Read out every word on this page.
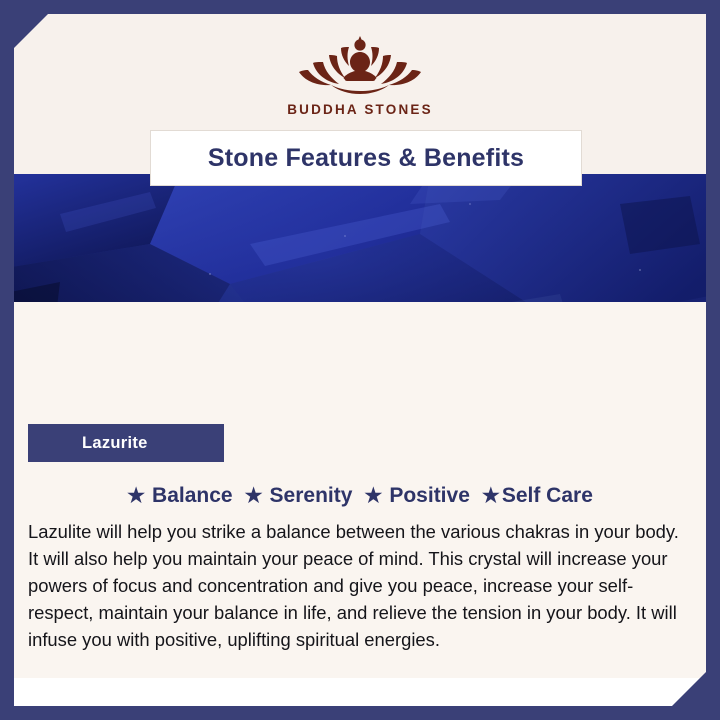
BUDDHA STONES
Lazurite
Stone Features & Benefits
★ Balance ★ Serenity ★ Positive ★ Self Care
Lazulite will help you strike a balance between the various chakras in your body. It will also help you maintain your peace of mind. This crystal will increase your powers of focus and concentration and give you peace, increase your self-respect, maintain your balance in life, and relieve the tension in your body. It will infuse you with positive, uplifting spiritual energies.
